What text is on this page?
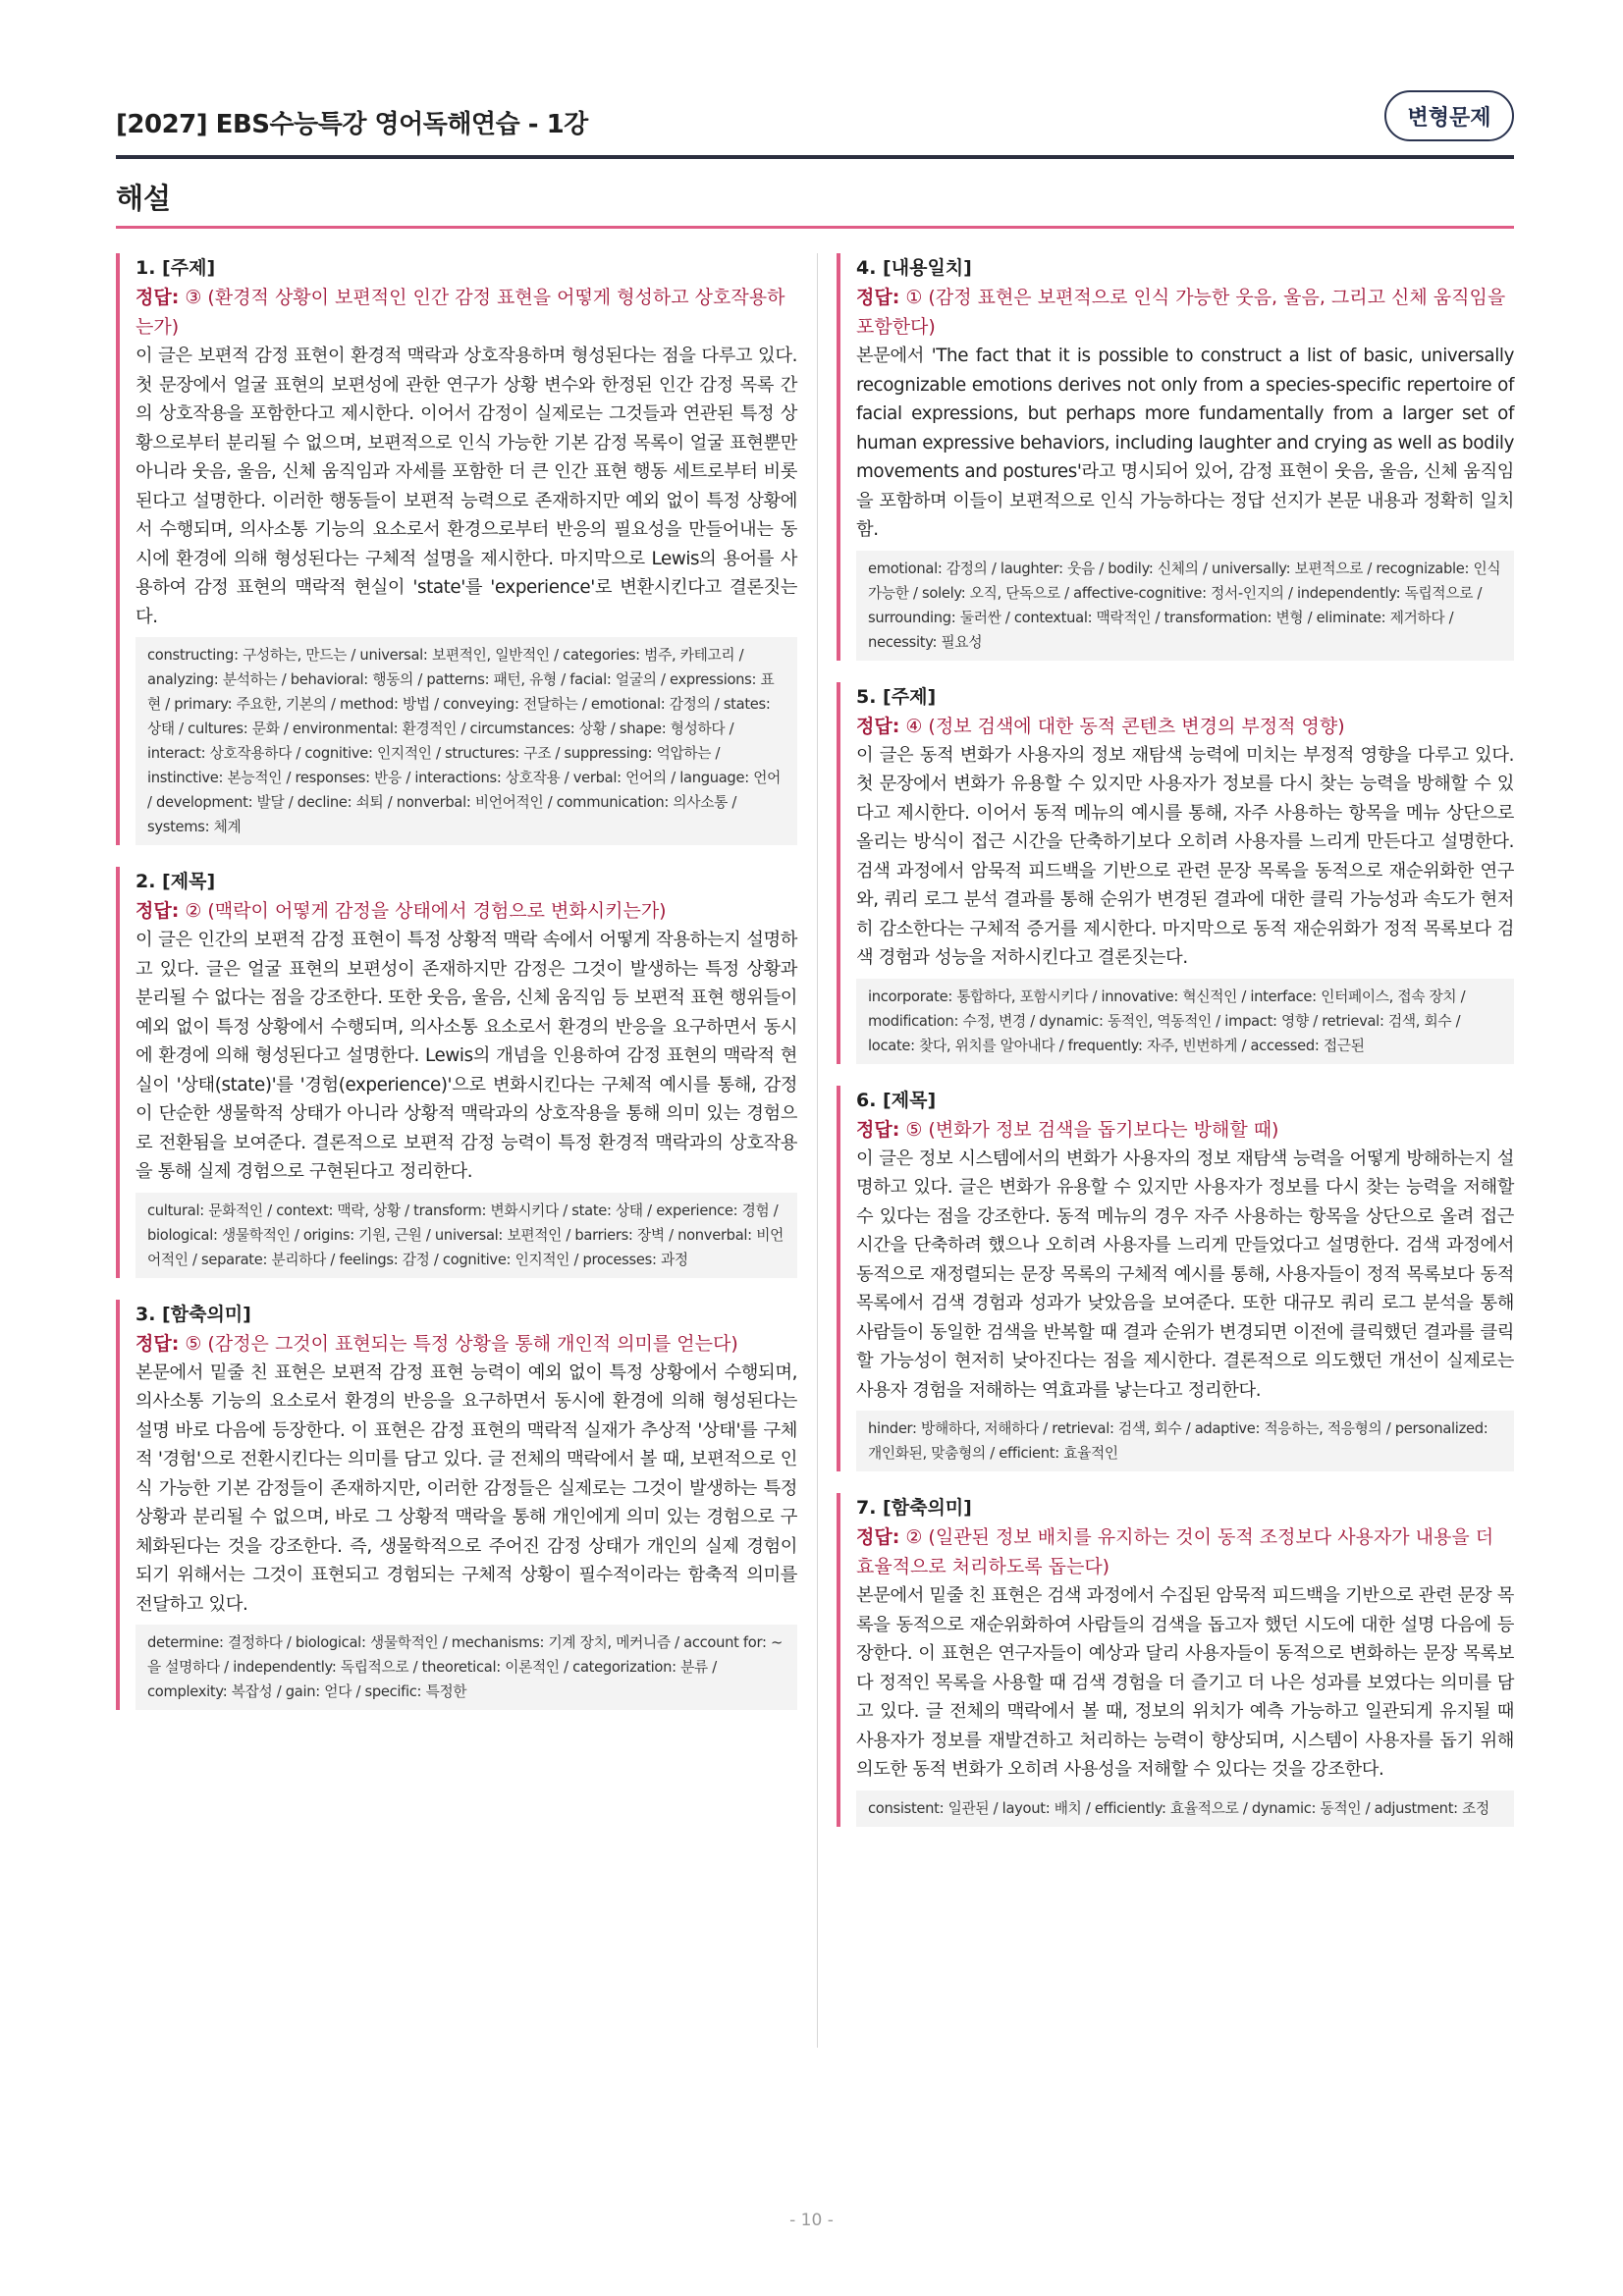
[2027] EBS수능특강 영어독해연습 - 1강	변형문제
해설
1. [주제]
정답: ③ (환경적 상황이 보편적인 인간 감정 표현을 어떻게 형성하고 상호작용하는가)
이 글은 보편적 감정 표현이 환경적 맥락과 상호작용하며 형성된다는 점을 다루고 있다. 첫 문장에서 얼굴 표현의 보편성에 관한 연구가 상황 변수와 한정된 인간 감정 목록 간의 상호작용을 포함한다고 제시한다. 이어서 감정이 실제로는 그것들과 연관된 특정 상황으로부터 분리될 수 없으며, 보편적으로 인식 가능한 기본 감정 목록이 얼굴 표현뿐만 아니라 웃음, 울음, 신체 움직임과 자세를 포함한 더 큰 인간 표현 행동 세트로부터 비롯된다고 설명한다. 이러한 행동들이 보편적 능력으로 존재하지만 예외 없이 특정 상황에서 수행되며, 의사소통 기능의 요소로서 환경으로부터 반응의 필요성을 만들어내는 동시에 환경에 의해 형성된다는 구체적 설명을 제시한다. 마지막으로 Lewis의 용어를 사용하여 감정 표현의 맥락적 현실이 'state'를 'experience'로 변환시킨다고 결론짓는다.
constructing: 구성하는, 만드는 / universal: 보편적인, 일반적인 / categories: 범주, 카테고리 / analyzing: 분석하는 / behavioral: 행동의 / patterns: 패턴, 유형 / facial: 얼굴의 / expressions: 표현 / primary: 주요한, 기본의 / method: 방법 / conveying: 전달하는 / emotional: 감정의 / states: 상태 / cultures: 문화 / environmental: 환경적인 / circumstances: 상황 / shape: 형성하다 / interact: 상호작용하다 / cognitive: 인지적인 / structures: 구조 / suppressing: 억압하는 / instinctive: 본능적인 / responses: 반응 / interactions: 상호작용 / verbal: 언어의 / language: 언어 / development: 발달 / decline: 쇠퇴 / nonverbal: 비언어적인 / communication: 의사소통 / systems: 체계
2. [제목]
정답: ② (맥락이 어떻게 감정을 상태에서 경험으로 변화시키는가)
이 글은 인간의 보편적 감정 표현이 특정 상황적 맥락 속에서 어떻게 작용하는지 설명하고 있다. 글은 얼굴 표현의 보편성이 존재하지만 감정은 그것이 발생하는 특정 상황과 분리될 수 없다는 점을 강조한다. 또한 웃음, 울음, 신체 움직임 등 보편적 표현 행위들이 예외 없이 특정 상황에서 수행되며, 의사소통 요소로서 환경의 반응을 요구하면서 동시에 환경에 의해 형성된다고 설명한다. Lewis의 개념을 인용하여 감정 표현의 맥락적 현실이 '상태(state)'를 '경험(experience)'으로 변화시킨다는 구체적 예시를 통해, 감정이 단순한 생물학적 상태가 아니라 상황적 맥락과의 상호작용을 통해 의미 있는 경험으로 전환됨을 보여준다. 결론적으로 보편적 감정 능력이 특정 환경적 맥락과의 상호작용을 통해 실제 경험으로 구현된다고 정리한다.
cultural: 문화적인 / context: 맥락, 상황 / transform: 변화시키다 / state: 상태 / experience: 경험 / biological: 생물학적인 / origins: 기원, 근원 / universal: 보편적인 / barriers: 장벽 / nonverbal: 비언어적인 / separate: 분리하다 / feelings: 감정 / cognitive: 인지적인 / processes: 과정
3. [함축의미]
정답: ⑤ (감정은 그것이 표현되는 특정 상황을 통해 개인적 의미를 얻는다)
본문에서 밑줄 친 표현은 보편적 감정 표현 능력이 예외 없이 특정 상황에서 수행되며, 의사소통 기능의 요소로서 환경의 반응을 요구하면서 동시에 환경에 의해 형성된다는 설명 바로 다음에 등장한다. 이 표현은 감정 표현의 맥락적 실재가 추상적 '상태'를 구체적 '경험'으로 전환시킨다는 의미를 담고 있다. 글 전체의 맥락에서 볼 때, 보편적으로 인식 가능한 기본 감정들이 존재하지만, 이러한 감정들은 실제로는 그것이 발생하는 특정 상황과 분리될 수 없으며, 바로 그 상황적 맥락을 통해 개인에게 의미 있는 경험으로 구체화된다는 것을 강조한다. 즉, 생물학적으로 주어진 감정 상태가 개인의 실제 경험이 되기 위해서는 그것이 표현되고 경험되는 구체적 상황이 필수적이라는 함축적 의미를 전달하고 있다.
determine: 결정하다 / biological: 생물학적인 / mechanisms: 기계 장치, 메커니즘 / account for: ~을 설명하다 / independently: 독립적으로 / theoretical: 이론적인 / categorization: 분류 / complexity: 복잡성 / gain: 얻다 / specific: 특정한
4. [내용일치]
정답: ① (감정 표현은 보편적으로 인식 가능한 웃음, 울음, 그리고 신체 움직임을 포함한다)
본문에서 'The fact that it is possible to construct a list of basic, universally recognizable emotions derives not only from a species-specific repertoire of facial expressions, but perhaps more fundamentally from a larger set of human expressive behaviors, including laughter and crying as well as bodily movements and postures'라고 명시되어 있어, 감정 표현이 웃음, 울음, 신체 움직임을 포함하며 이들이 보편적으로 인식 가능하다는 정답 선지가 본문 내용과 정확히 일치함.
emotional: 감정의 / laughter: 웃음 / bodily: 신체의 / universally: 보편적으로 / recognizable: 인식 가능한 / solely: 오직, 단독으로 / affective-cognitive: 정서-인지의 / independently: 독립적으로 / surrounding: 둘러싼 / contextual: 맥락적인 / transformation: 변형 / eliminate: 제거하다 / necessity: 필요성
5. [주제]
정답: ④ (정보 검색에 대한 동적 콘텐츠 변경의 부정적 영향)
이 글은 동적 변화가 사용자의 정보 재탐색 능력에 미치는 부정적 영향을 다루고 있다. 첫 문장에서 변화가 유용할 수 있지만 사용자가 정보를 다시 찾는 능력을 방해할 수 있다고 제시한다. 이어서 동적 메뉴의 예시를 통해, 자주 사용하는 항목을 메뉴 상단으로 올리는 방식이 접근 시간을 단축하기보다 오히려 사용자를 느리게 만든다고 설명한다. 검색 과정에서 암묵적 피드백을 기반으로 관련 문장 목록을 동적으로 재순위화한 연구와, 쿼리 로그 분석 결과를 통해 순위가 변경된 결과에 대한 클릭 가능성과 속도가 현저히 감소한다는 구체적 증거를 제시한다. 마지막으로 동적 재순위화가 정적 목록보다 검색 경험과 성능을 저하시킨다고 결론짓는다.
incorporate: 통합하다, 포함시키다 / innovative: 혁신적인 / interface: 인터페이스, 접속 장치 / modification: 수정, 변경 / dynamic: 동적인, 역동적인 / impact: 영향 / retrieval: 검색, 회수 / locate: 찾다, 위치를 알아내다 / frequently: 자주, 빈번하게 / accessed: 접근된
6. [제목]
정답: ⑤ (변화가 정보 검색을 돕기보다는 방해할 때)
이 글은 정보 시스템에서의 변화가 사용자의 정보 재탐색 능력을 어떻게 방해하는지 설명하고 있다. 글은 변화가 유용할 수 있지만 사용자가 정보를 다시 찾는 능력을 저해할 수 있다는 점을 강조한다. 동적 메뉴의 경우 자주 사용하는 항목을 상단으로 올려 접근 시간을 단축하려 했으나 오히려 사용자를 느리게 만들었다고 설명한다. 검색 과정에서 동적으로 재정렬되는 문장 목록의 구체적 예시를 통해, 사용자들이 정적 목록보다 동적 목록에서 검색 경험과 성과가 낮았음을 보여준다. 또한 대규모 쿼리 로그 분석을 통해 사람들이 동일한 검색을 반복할 때 결과 순위가 변경되면 이전에 클릭했던 결과를 클릭할 가능성이 현저히 낮아진다는 점을 제시한다. 결론적으로 의도했던 개선이 실제로는 사용자 경험을 저해하는 역효과를 낳는다고 정리한다.
hinder: 방해하다, 저해하다 / retrieval: 검색, 회수 / adaptive: 적응하는, 적응형의 / personalized: 개인화된, 맞춤형의 / efficient: 효율적인
7. [함축의미]
정답: ② (일관된 정보 배치를 유지하는 것이 동적 조정보다 사용자가 내용을 더 효율적으로 처리하도록 돕는다)
본문에서 밑줄 친 표현은 검색 과정에서 수집된 암묵적 피드백을 기반으로 관련 문장 목록을 동적으로 재순위화하여 사람들의 검색을 돕고자 했던 시도에 대한 설명 다음에 등장한다. 이 표현은 연구자들이 예상과 달리 사용자들이 동적으로 변화하는 문장 목록보다 정적인 목록을 사용할 때 검색 경험을 더 즐기고 더 나은 성과를 보였다는 의미를 담고 있다. 글 전체의 맥락에서 볼 때, 정보의 위치가 예측 가능하고 일관되게 유지될 때 사용자가 정보를 재발견하고 처리하는 능력이 향상되며, 시스템이 사용자를 돕기 위해 의도한 동적 변화가 오히려 사용성을 저해할 수 있다는 것을 강조한다.
consistent: 일관된 / layout: 배치 / efficiently: 효율적으로 / dynamic: 동적인 / adjustment: 조정
- 10 -
